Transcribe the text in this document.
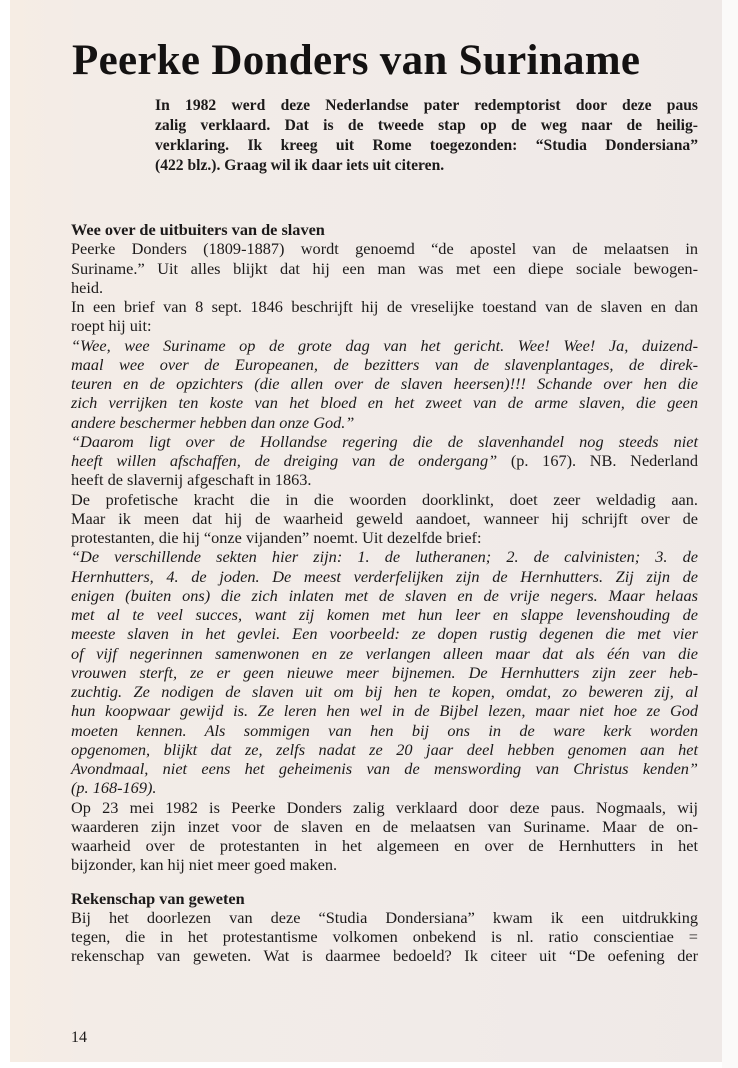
Peerke Donders van Suriname
In 1982 werd deze Nederlandse pater redemptorist door deze paus
zalig verklaard. Dat is de tweede stap op de weg naar de heilig-
verklaring. Ik kreeg uit Rome toegezonden: “Studia Dondersiana”
(422 blz.). Graag wil ik daar iets uit citeren.
Wee over de uitbuiters van de slaven
Peerke Donders (1809-1887) wordt genoemd “de apostel van de melaatsen in
Suriname.” Uit alles blijkt dat hij een man was met een diepe sociale bewogen-
heid.
In een brief van 8 sept. 1846 beschrijft hij de vreselijke toestand van de slaven en dan
roept hij uit:
“Wee, wee Suriname op de grote dag van het gericht. Wee! Wee! Ja, duizend-
maal wee over de Europeanen, de bezitters van de slavenplantages, de direk-
teuren en de opzichters (die allen over de slaven heersen)!!! Schande over hen die
zich verrijken ten koste van het bloed en het zweet van de arme slaven, die geen
andere beschermer hebben dan onze God.”
“Daarom ligt over de Hollandse regering die de slavenhandel nog steeds niet
heeft willen afschaffen, de dreiging van de ondergang” (p. 167). NB. Nederland
heeft de slavernij afgeschaft in 1863.
De profetische kracht die in die woorden doorklinkt, doet zeer weldadig aan.
Maar ik meen dat hij de waarheid geweld aandoet, wanneer hij schrijft over de
protestanten, die hij “onze vijanden” noemt. Uit dezelfde brief:
“De verschillende sekten hier zijn: 1. de lutheranen; 2. de calvinisten; 3. de
Hernhutters, 4. de joden. De meest verderfelijken zijn de Hernhutters. Zij zijn de
enigen (buiten ons) die zich inlaten met de slaven en de vrije negers. Maar helaas
met al te veel succes, want zij komen met hun leer en slappe levenshouding de
meeste slaven in het gevlei. Een voorbeeld: ze dopen rustig degenen die met vier
of vijf negerinnen samenwonen en ze verlangen alleen maar dat als één van die
vrouwen sterft, ze er geen nieuwe meer bijnemen. De Hernhutters zijn zeer heb-
zuchtig. Ze nodigen de slaven uit om bij hen te kopen, omdat, zo beweren zij, al
hun koopwaar gewijd is. Ze leren hen wel in de Bijbel lezen, maar niet hoe ze God
moeten kennen. Als sommigen van hen bij ons in de ware kerk worden
opgenomen, blijkt dat ze, zelfs nadat ze 20 jaar deel hebben genomen aan het
Avondmaal, niet eens het geheimenis van de menswording van Christus kenden”
(p. 168-169).
Op 23 mei 1982 is Peerke Donders zalig verklaard door deze paus. Nogmaals, wij
waarderen zijn inzet voor de slaven en de melaatsen van Suriname. Maar de on-
waarheid over de protestanten in het algemeen en over de Hernhutters in het
bijzonder, kan hij niet meer goed maken.
Rekenschap van geweten
Bij het doorlezen van deze “Studia Dondersiana” kwam ik een uitdrukking
tegen, die in het protestantisme volkomen onbekend is nl. ratio conscientiae =
rekenschap van geweten. Wat is daarmee bedoeld? Ik citeer uit “De oefening der
14
